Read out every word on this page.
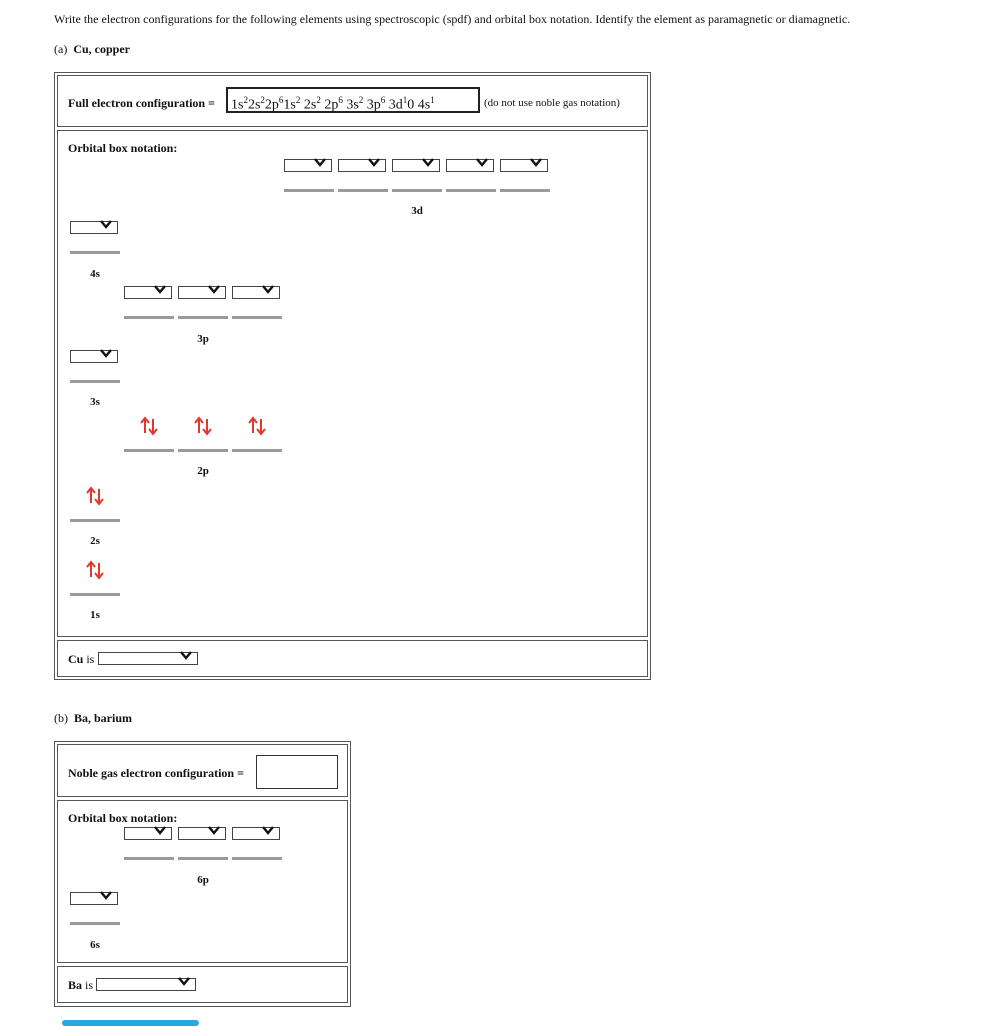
Write the electron configurations for the following elements using spectroscopic (spdf) and orbital box notation. Identify the element as paramagnetic or diamagnetic.
(a) Cu, copper
Full electron configuration =	$1s^22s^22p^61s^2$ $2s^2$ $2p^6$ $3s^2$ $3p^6$ $3d^10$ $4s^1$	(do not use noble gas notation)
Orbital box notation:
3d
4s
3p
3s
2p
2s
1s
Cu is
(b) Ba, barium
Noble gas electron configuration =
Orbital box notation:
6p
6s
Ba is
